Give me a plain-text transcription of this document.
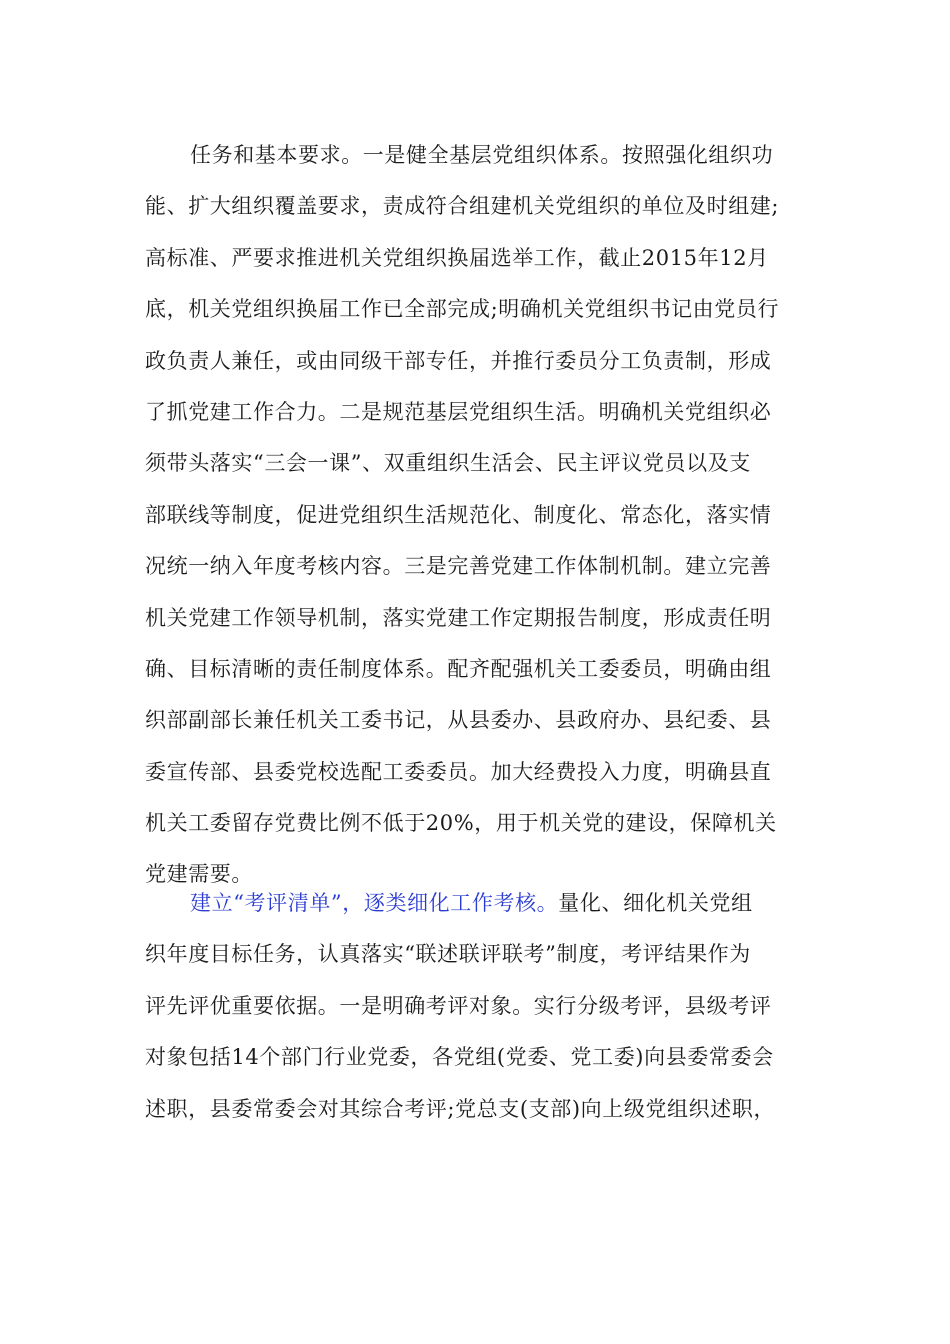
任务和基本要求。一是健全基层党组织体系。按照强化组织功
能、扩大组织覆盖要求，责成符合组建机关党组织的单位及时组建;
高标准、严要求推进机关党组织换届选举工作，截止2015年12月
底，机关党组织换届工作已全部完成;明确机关党组织书记由党员行
政负责人兼任，或由同级干部专任，并推行委员分工负责制，形成
了抓党建工作合力。二是规范基层党组织生活。明确机关党组织必
须带头落实“三会一课”、双重组织生活会、民主评议党员以及支
部联线等制度，促进党组织生活规范化、制度化、常态化，落实情
况统一纳入年度考核内容。三是完善党建工作体制机制。建立完善
机关党建工作领导机制，落实党建工作定期报告制度，形成责任明
确、目标清晰的责任制度体系。配齐配强机关工委委员，明确由组
织部副部长兼任机关工委书记，从县委办、县政府办、县纪委、县
委宣传部、县委党校选配工委委员。加大经费投入力度，明确县直
机关工委留存党费比例不低于20%，用于机关党的建设，保障机关
党建需要。
建立“考评清单”，逐类细化工作考核。量化、细化机关党组
织年度目标任务，认真落实“联述联评联考”制度，考评结果作为
评先评优重要依据。一是明确考评对象。实行分级考评，县级考评
对象包括14个部门行业党委，各党组(党委、党工委)向县委常委会
述职，县委常委会对其综合考评;党总支(支部)向上级党组织述职，
